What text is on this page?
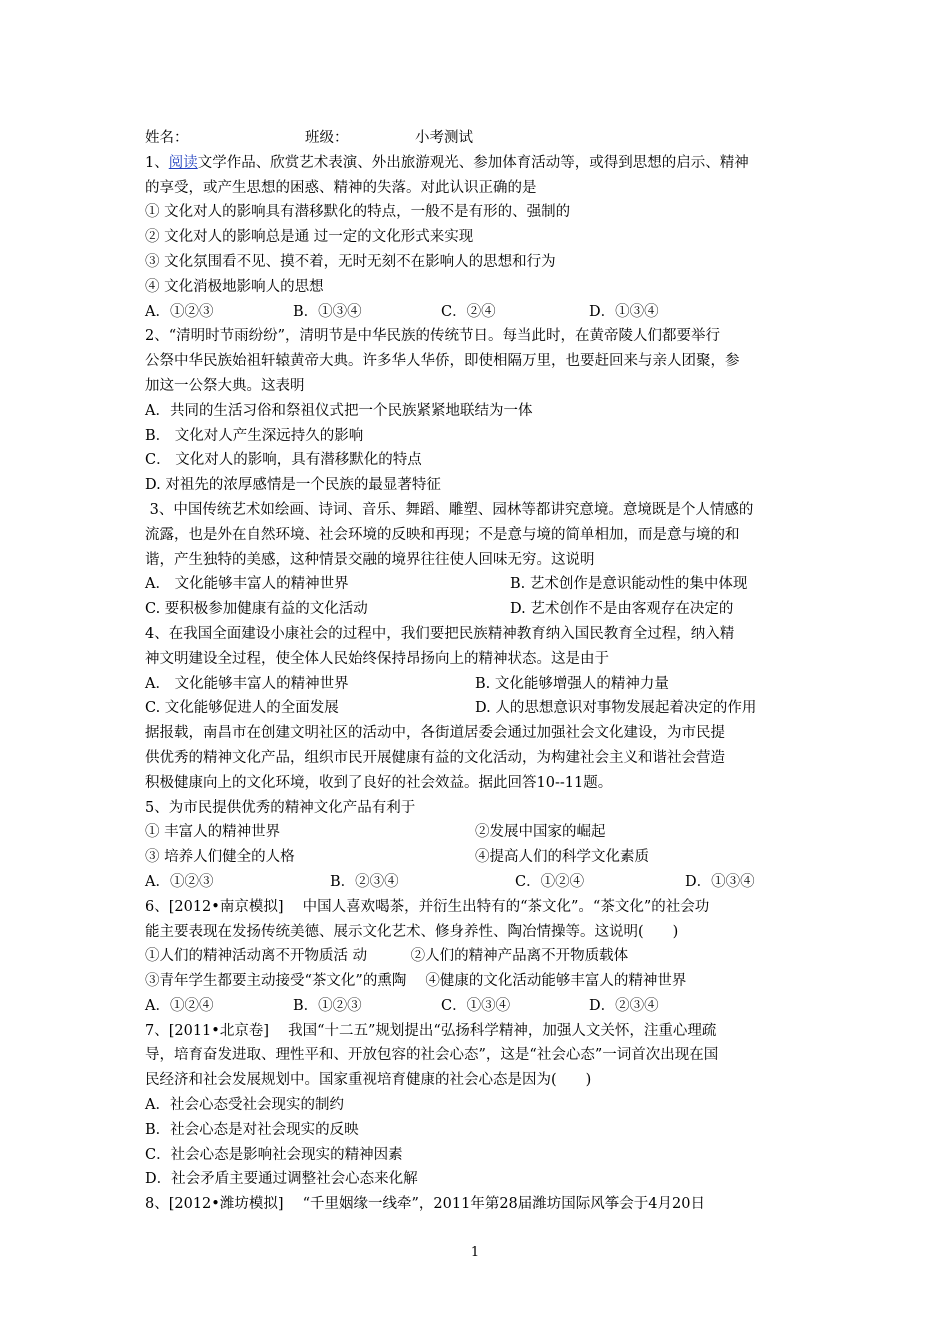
姓名：	班级：	小考测试
1、阅读文学作品、欣赏艺术表演、外出旅游观光、参加体育活动等，或得到思想的启示、精神
的享受，或产生思想的困惑、精神的失落。对此认识正确的是
① 文化对人的影响具有潜移默化的特点，一般不是有形的、强制的
② 文化对人的影响总是通 过一定的文化形式来实现
③ 文化氛围看不见、摸不着，无时无刻不在影响人的思想和行为
④ 文化消极地影响人的思想
A．①②③	B．①③④	C．②④	D．①③④
2、“清明时节雨纷纷”，清明节是中华民族的传统节日。每当此时，在黄帝陵人们都要举行
公祭中华民族始祖轩辕黄帝大典。许多华人华侨，即使相隔万里，也要赶回来与亲人团聚，参
加这一公祭大典。这表明
A．共同的生活习俗和祭祖仪式把一个民族紧紧地联结为一体
B． 文化对人产生深远持久的影响
C． 文化对人的影响，具有潜移默化的特点
D. 对祖先的浓厚感情是一个民族的最显著特征
3、中国传统艺术如绘画、诗词、音乐、舞蹈、雕塑、园林等都讲究意境。意境既是个人情感的
流露，也是外在自然环境、社会环境的反映和再现；不是意与境的简单相加，而是意与境的和
谐，产生独特的美感，这种情景交融的境界往往使人回味无穷。这说明
A． 文化能够丰富人的精神世界	B. 艺术创作是意识能动性的集中体现
C. 要积极参加健康有益的文化活动	D. 艺术创作不是由客观存在决定的
4、在我国全面建设小康社会的过程中，我们要把民族精神教育纳入国民教育全过程，纳入精
神文明建设全过程，使全体人民始终保持昂扬向上的精神状态。这是由于
A． 文化能够丰富人的精神世界	B. 文化能够增强人的精神力量
C. 文化能够促进人的全面发展	D. 人的思想意识对事物发展起着决定的作用
据报载，南昌市在创建文明社区的活动中，各街道居委会通过加强社会文化建设，为市民提
供优秀的精神文化产品，组织市民开展健康有益的文化活动，为构建社会主义和谐社会营造
积极健康向上的文化环境，收到了良好的社会效益。据此回答10--11题。
5、为市民提供优秀的精神文化产品有利于
① 丰富人的精神世界	②发展中国家的崛起
③ 培养人们健全的人格	④提高人们的科学文化素质
A．①②③	B．②③④	C．①②④	D．①③④
6、[2012•南京模拟]　 中国人喜欢喝茶，并衍生出特有的“茶文化”。“茶文化”的社会功
能主要表现在发扬传统美德、展示文化艺术、修身养性、陶冶情操等。这说明(　　)
①人们的精神活动离不开物质活 动　　　②人们的精神产品离不开物质载体
③青年学生都要主动接受“茶文化”的熏陶　 ④健康的文化活动能够丰富人的精神世界
A．①②④	B．①②③	C．①③④	D．②③④
7、[2011•北京卷]　 我国“十二五”规划提出“弘扬科学精神，加强人文关怀，注重心理疏
导，培育奋发进取、理性平和、开放包容的社会心态”，这是“社会心态”一词首次出现在国
民经济和社会发展规划中。国家重视培育健康的社会心态是因为(　　)
A．社会心态受社会现实的制约
B．社会心态是对社会现实的反映
C．社会心态是影响社会现实的精神因素
D．社会矛盾主要通过调整社会心态来化解
8、[2012•潍坊模拟]　 “千里姻缘一线牵”，2011年第28届潍坊国际风筝会于4月20日
1
